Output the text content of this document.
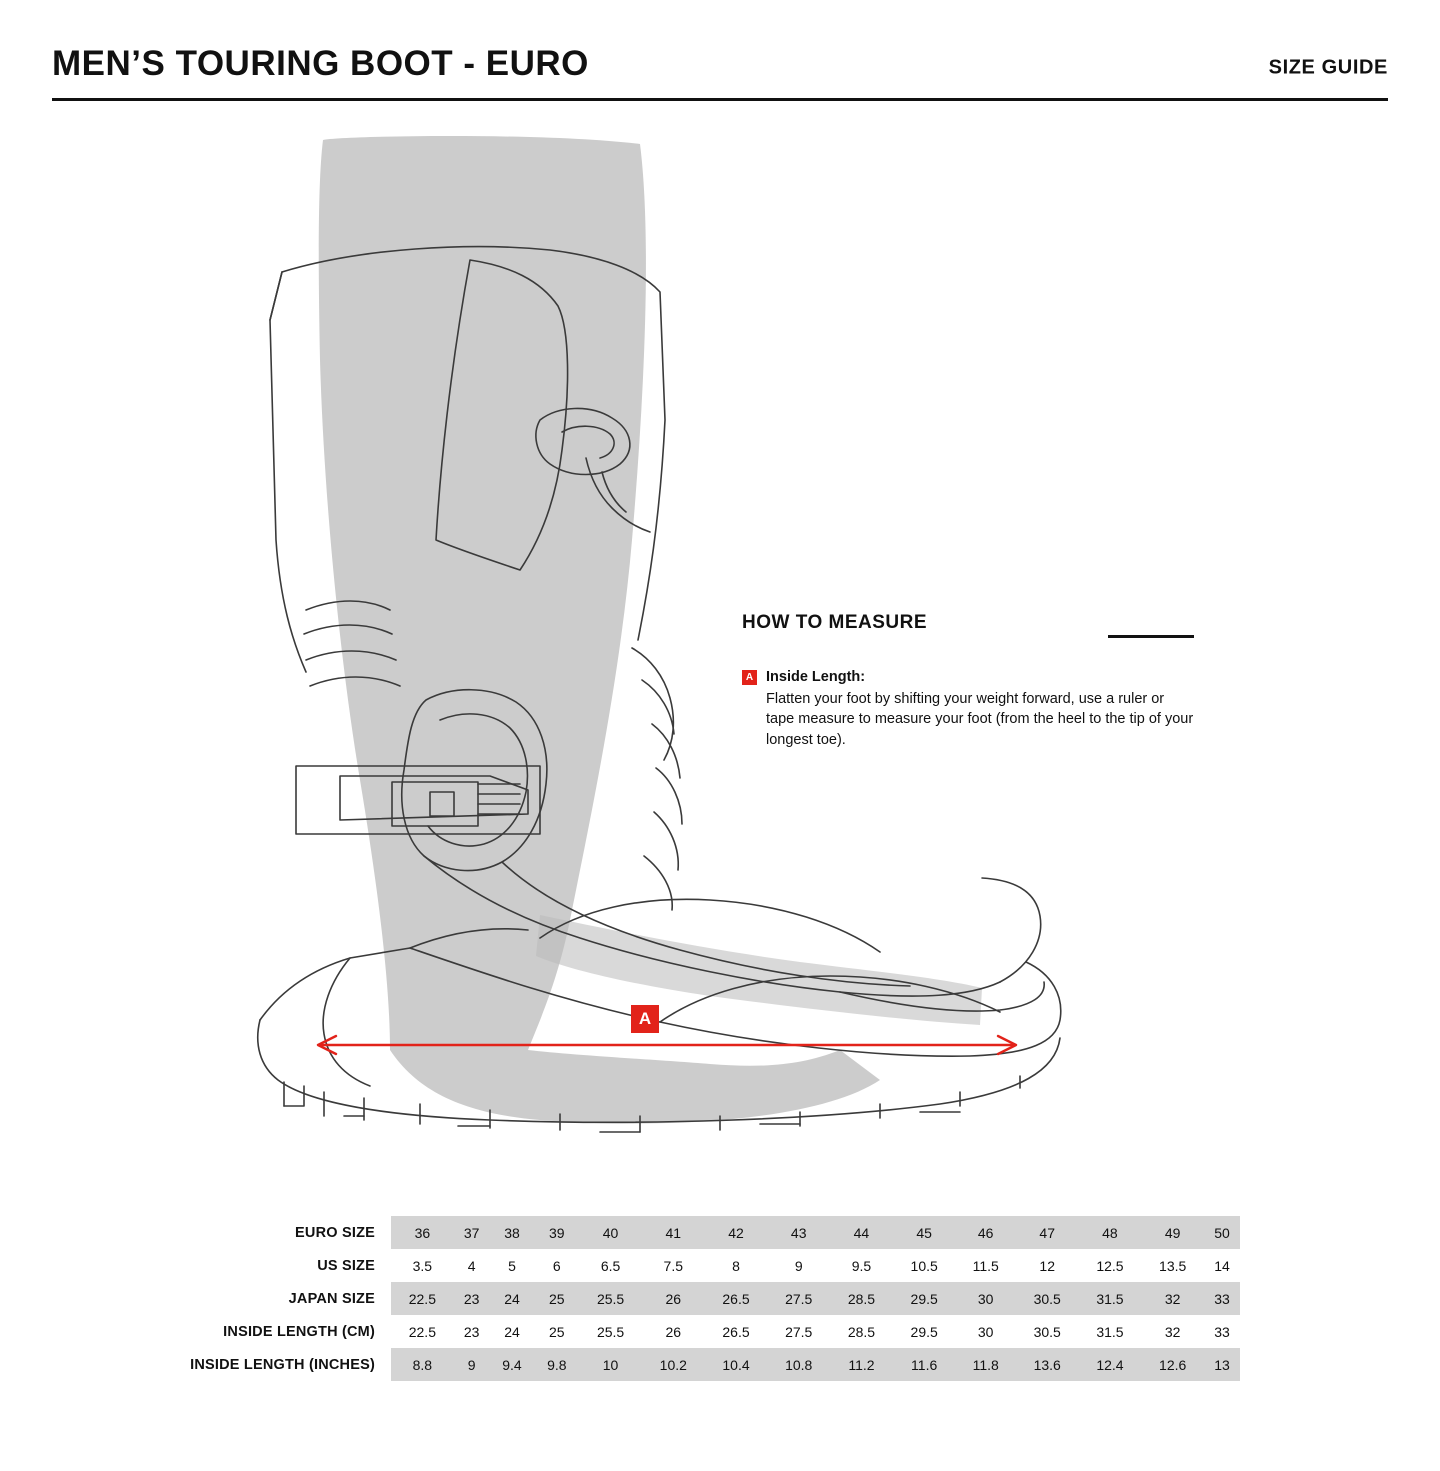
MEN’S TOURING BOOT - EURO	SIZE GUIDE
A
HOW TO MEASURE
A Inside Length:
Flatten your foot by shifting your weight forward, use a ruler or tape measure to measure your foot (from the heel to the tip of your longest toe).
EURO SIZE	36	37	38	39	40	41	42	43	44	45	46	47	48	49	50
US SIZE	3.5	4	5	6	6.5	7.5	8	9	9.5	10.5	11.5	12	12.5	13.5	14
JAPAN SIZE	22.5	23	24	25	25.5	26	26.5	27.5	28.5	29.5	30	30.5	31.5	32	33
INSIDE LENGTH (CM)	22.5	23	24	25	25.5	26	26.5	27.5	28.5	29.5	30	30.5	31.5	32	33
INSIDE LENGTH (INCHES)	8.8	9	9.4	9.8	10	10.2	10.4	10.8	11.2	11.6	11.8	13.6	12.4	12.6	13
